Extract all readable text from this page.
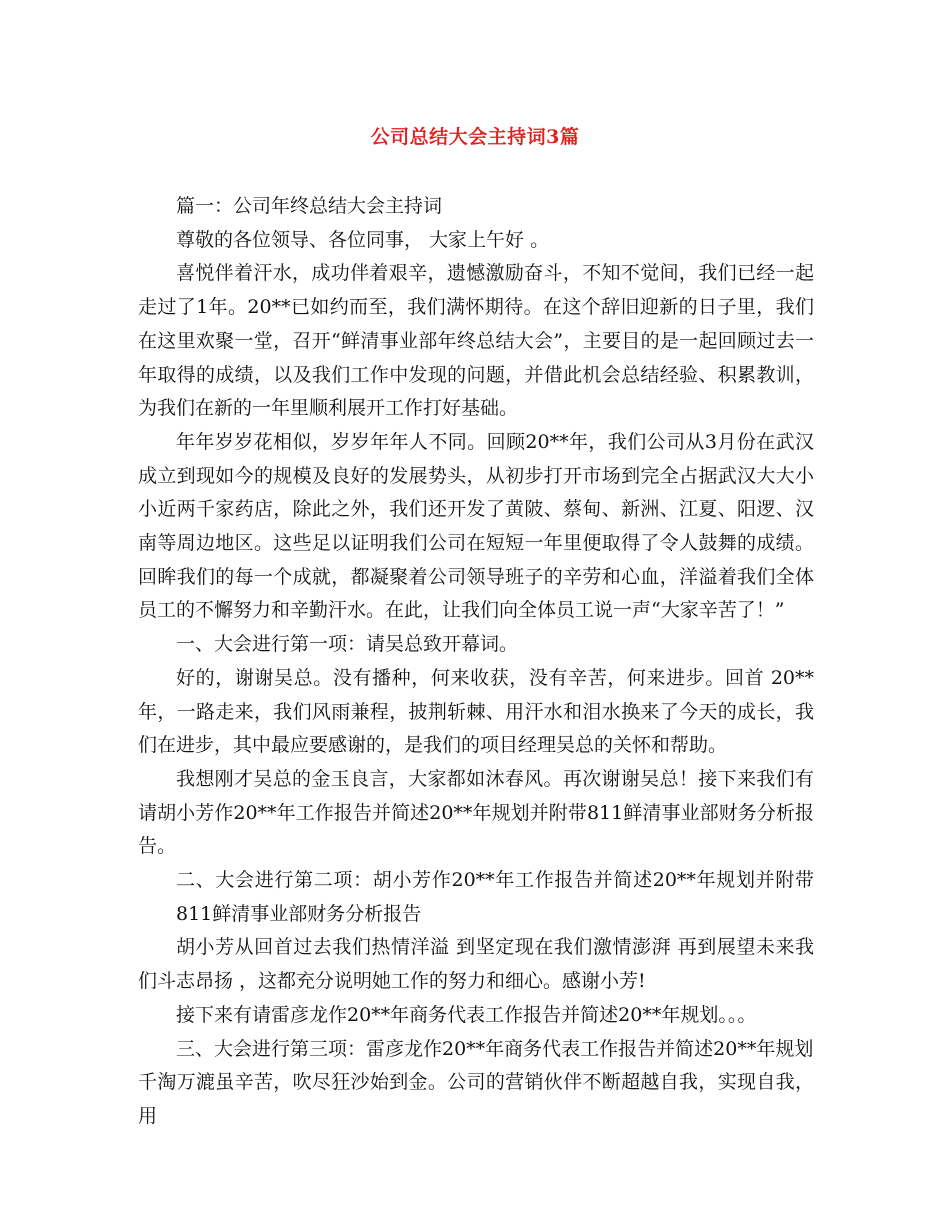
公司总结大会主持词3篇

篇一：公司年终总结大会主持词

尊敬的各位领导、各位同事， 大家上午好 。

喜悦伴着汗水，成功伴着艰辛，遗憾激励奋斗，不知不觉间，我们已经一起走过了1年。20**已如约而至，我们满怀期待。在这个辞旧迎新的日子里，我们在这里欢聚一堂，召开“鲜清事业部年终总结大会”，主要目的是一起回顾过去一年取得的成绩，以及我们工作中发现的问题，并借此机会总结经验、积累教训，为我们在新的一年里顺利展开工作打好基础。

年年岁岁花相似，岁岁年年人不同。回顾20**年，我们公司从3月份在武汉成立到现如今的规模及良好的发展势头，从初步打开市场到完全占据武汉大大小小近两千家药店，除此之外，我们还开发了黄陂、蔡甸、新洲、江夏、阳逻、汉南等周边地区。这些足以证明我们公司在短短一年里便取得了令人鼓舞的成绩。回眸我们的每一个成就，都凝聚着公司领导班子的辛劳和心血，洋溢着我们全体员工的不懈努力和辛勤汗水。在此，让我们向全体员工说一声“大家辛苦了！”

一、大会进行第一项：请吴总致开幕词。

好的，谢谢吴总。没有播种，何来收获，没有辛苦，何来进步。回首 20**年，一路走来，我们风雨兼程，披荆斩棘、用汗水和泪水换来了今天的成长，我们在进步，其中最应要感谢的，是我们的项目经理吴总的关怀和帮助。

我想刚才吴总的金玉良言，大家都如沐春风。再次谢谢吴总！接下来我们有请胡小芳作20**年工作报告并简述20**年规划并附带811鲜清事业部财务分析报告。

二、大会进行第二项：胡小芳作20**年工作报告并简述20**年规划并附带811鲜清事业部财务分析报告

胡小芳从回首过去我们热情洋溢 到坚定现在我们激情澎湃 再到展望未来我们斗志昂扬 ，这都充分说明她工作的努力和细心。感谢小芳!

接下来有请雷彦龙作20**年商务代表工作报告并简述20**年规划。。。

三、大会进行第三项：雷彦龙作20**年商务代表工作报告并简述20**年规划

千淘万漉虽辛苦，吹尽狂沙始到金。公司的营销伙伴不断超越自我，实现自我，用
